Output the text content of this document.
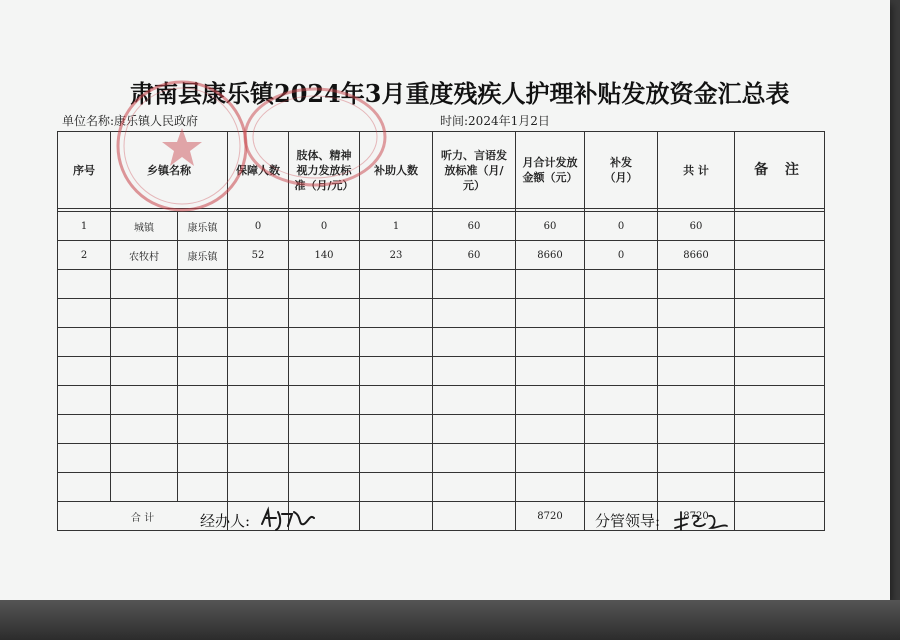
肃南县康乐镇2024年3月重度残疾人护理补贴发放资金汇总表
单位名称:康乐镇人民政府	时间:2024年1月2日
序号	乡镇名称		保障人数	肢体、精神视力发放标准（月/元）	补助人数	听力、言语发放标准（月/元）	月合计发放金额（元）	补发（月）	共 计	备 注

1	城镇	康乐镇	0	0	1	60	60	0	60	
2	农牧村	康乐镇	52	140	23	60	8660	0	8660	

合 计							8720		8720	
经办人:	分管领导:
